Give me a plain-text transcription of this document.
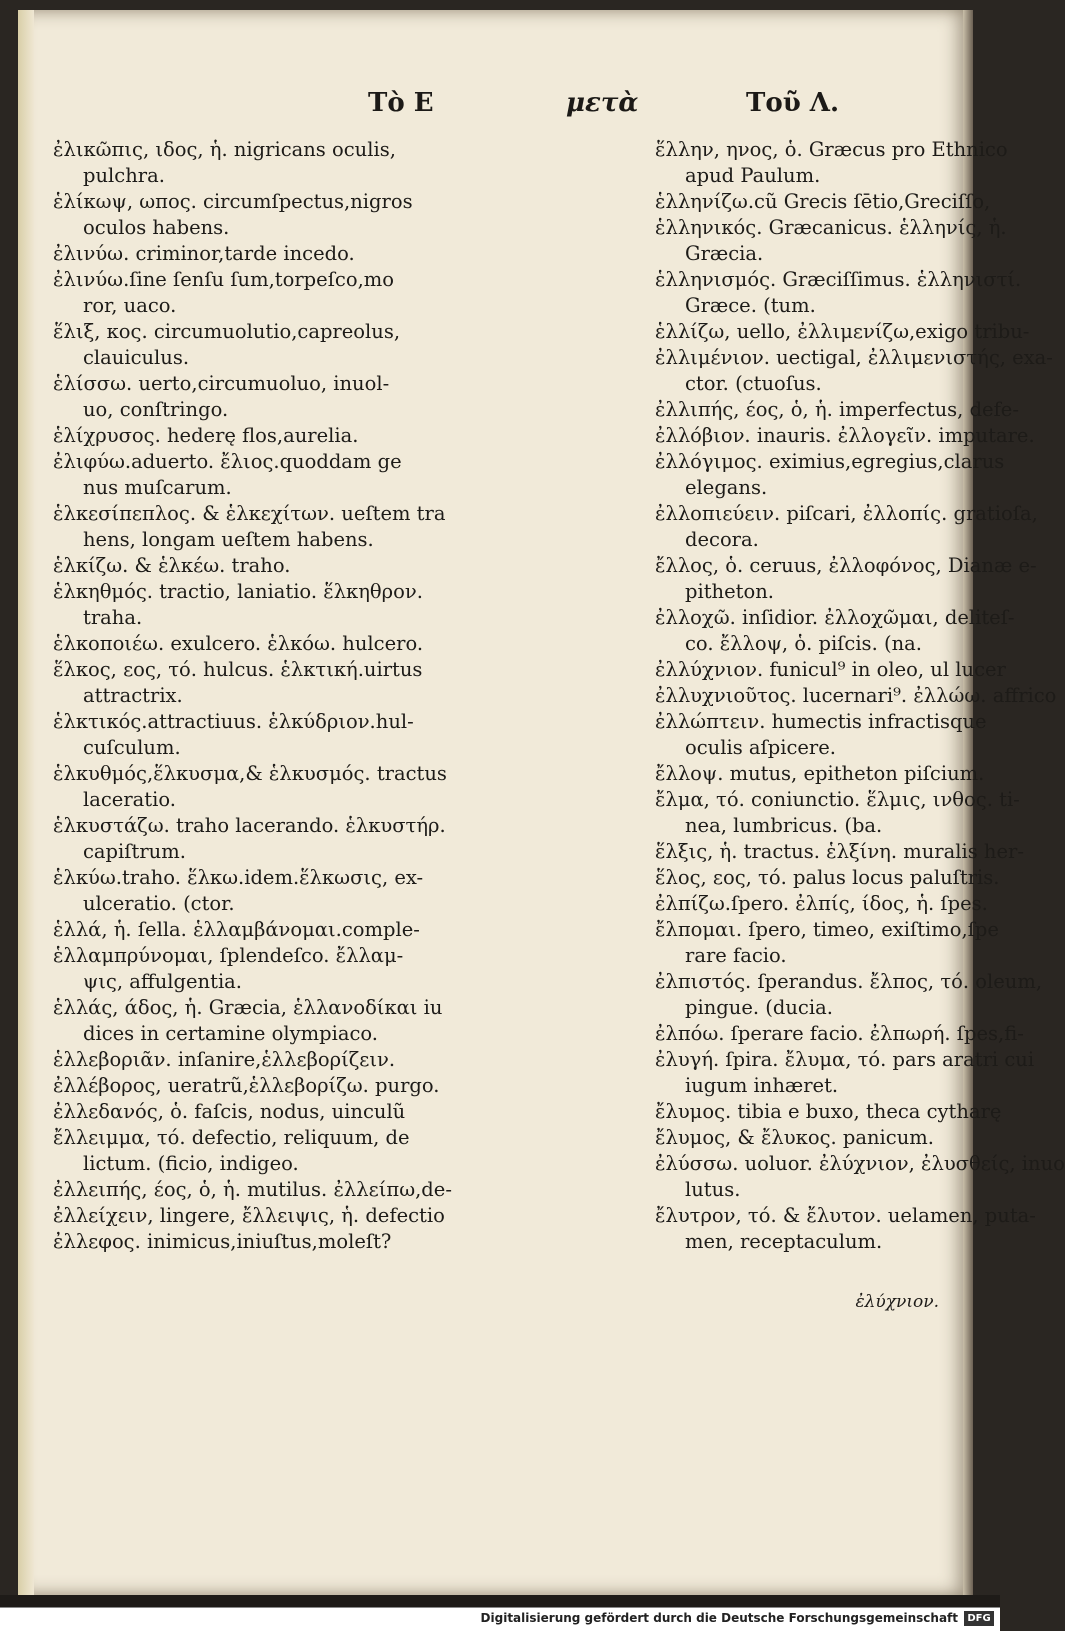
Τὸ Ε	μετὰ	Τοῦ Λ.
ἐλικῶπις, ιδος, ἡ. nigricans oculis,
pulchra.
ἑλίκωψ, ωπος. circumſpectus,nigros
oculos habens.
ἐλινύω. criminor,tarde incedo.
ἐλινύω.ſine ſenſu ſum,torpeſco,mo
ror, uaco.
ἕλιξ, κος. circumuolutio,capreolus,
clauiculus.
ἑλίσσω. uerto,circumuoluo, inuol-
uo, conſtringo.
ἑλίχρυσος. hederę flos,aurelia.
ἐλιφύω.aduerto. ἔλιος.quoddam ge
nus muſcarum.
ἑλκεσίπεπλος. & ἑλκεχίτων. ueſtem tra
hens, longam ueſtem habens.
ἑλκίζω. & ἑλκέω. traho.
ἑλκηθμός. tractio, laniatio. ἕλκηθρον.
traha.
ἑλκοποιέω. exulcero. ἑλκόω. hulcero.
ἕλκος, εος, τό. hulcus. ἑλκτική.uirtus
attractrix.
ἑλκτικός.attractiuus. ἑλκύδριον.hul-
cuſculum.
ἑλκυθμός,ἕλκυσμα,& ἑλκυσμός. tractus
laceratio.
ἑλκυστάζω. traho lacerando. ἑλκυστήρ.
capiſtrum.
ἑλκύω.traho. ἕλκω.idem.ἕλκωσις, ex-
ulceratio. (ctor.
ἑλλά, ἡ. ſella. ἑλλαμβάνομαι.comple-
ἑλλαμπρύνομαι, ſplendeſco. ἔλλαμ-
ψις, affulgentia.
ἑλλάς, άδος, ἡ. Græcia, ἑλλανοδίκαι iu
dices in certamine olympiaco.
ἑλλεβοριᾶν. inſanire,ἑλλεβορίζειν.
ἐλλέβορος, ueratrũ,ἑλλεβορίζω. purgo.
ἐλλεδανός, ὁ. faſcis, nodus, uinculũ
ἔλλειμμα, τό. defectio, reliquum, de
lictum. (ficio, indigeo.
ἐλλειπής, έος, ὁ, ἡ. mutilus. ἐλλείπω,de-
ἐλλείχειν, lingere, ἔλλειψις, ἡ. defectio
ἐλλεφος. inimicus,iniuſtus,moleſt?
ἕλλην, ηνος, ὁ. Græcus pro Ethnico
apud Paulum.
ἑλληνίζω.cũ Grecis ſētio,Greciſſo,
ἑλληνικός. Græcanicus. ἑλληνίς, ἡ.
Græcia.
ἑλληνισμός. Græciſſimus. ἑλληνιστί.
Græce. (tum.
ἑλλίζω, uello, ἐλλιμενίζω,exigo tribu-
ἐλλιμένιον. uectigal, ἐλλιμενιστής, exa-
ctor. (ctuoſus.
ἐλλιπής, έος, ὁ, ἡ. imperfectus, defe-
ἐλλόβιον. inauris. ἐλλογεῖν. imputare.
ἐλλόγιμος. eximius,egregius,clarus
elegans.
ἐλλοπιεύειν. piſcari, ἐλλοπίς. gratioſa,
decora.
ἔλλος, ὁ. ceruus, ἐλλοφόνος, Dianæ e-
pitheton.
ἐλλοχῶ. inſidior. ἐλλοχῶμαι, deliteſ-
co. ἔλλοψ, ὁ. piſcis. (na.
ἐλλύχνιον. funicul⁹ in oleo, ul lucer
ἐλλυχνιοῦτος. lucernari⁹. ἐλλώω. affrico
ἐλλώπτειν. humectis infractisque
oculis aſpicere.
ἔλλοψ. mutus, epitheton piſcium.
ἔλμα, τό. coniunctio. ἕλμις, ινθος. ti-
nea, lumbricus. (ba.
ἕλξις, ἡ. tractus. ἑλξίνη. muralis her-
ἕλος, εος, τό. palus locus paluſtris.
ἐλπίζω.ſpero. ἐλπίς, ίδος, ἡ. ſpes.
ἔλπομαι. ſpero, timeo, exiſtimo,ſpe
rare facio.
ἐλπιστός. ſperandus. ἔλπος, τό. oleum,
pingue. (ducia.
ἐλπόω. ſperare facio. ἐλπωρή. ſpes,fi-
ἐλυγή. ſpira. ἔλυμα, τό. pars aratri cui
iugum inhæret.
ἔλυμος. tibia e buxo, theca cytharę
ἔλυμος, & ἔλυκος. panicum.
ἐλύσσω. uoluor. ἐλύχνιον, ἐλυσθείς, inuo
lutus.
ἔλυτρον, τό. & ἔλυτον. uelamen, puta-
men, receptaculum.
ἐλύχνιον.
Digitalisierung gefördert durch die Deutsche Forschungsgemeinschaft DFG
